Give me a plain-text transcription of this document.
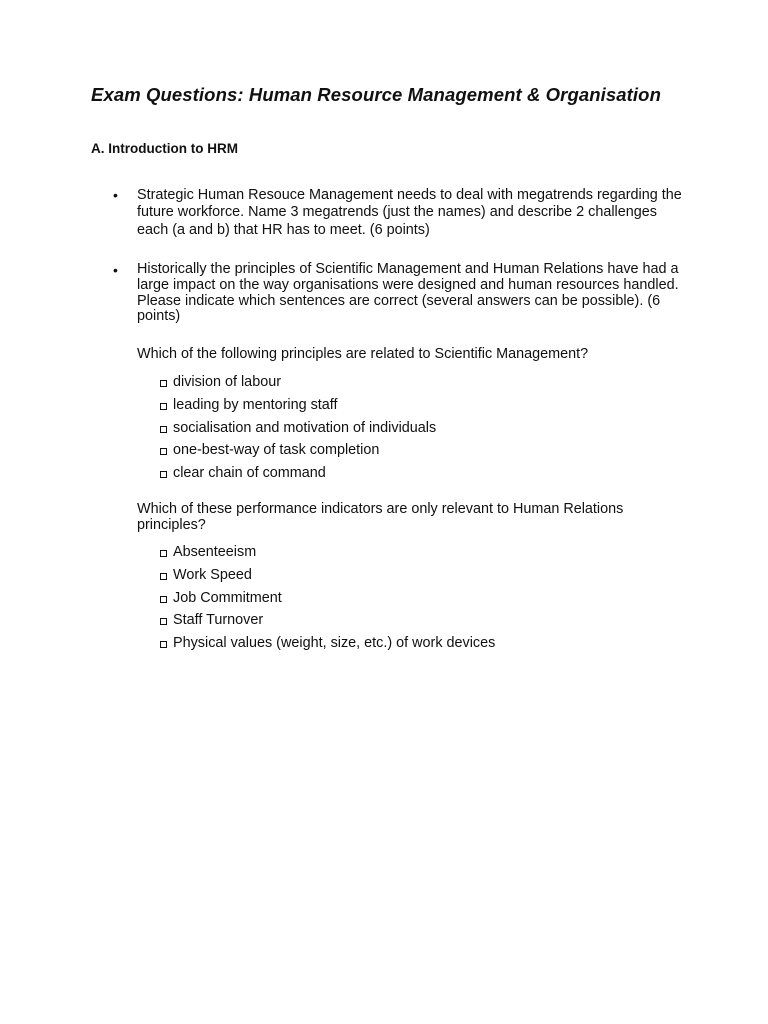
Exam Questions: Human Resource Management & Organisation
A. Introduction to HRM
• Strategic Human Resouce Management needs to deal with megatrends regarding the future workforce. Name 3 megatrends (just the names) and describe 2 challenges each (a and b) that HR has to meet. (6 points)
• Historically the principles of Scientific Management and Human Relations have had a large impact on the way organisations were designed and human resources handled. Please indicate which sentences are correct (several answers can be possible). (6 points)

Which of the following principles are related to Scientific Management?

division of labour
leading by mentoring staff
socialisation and motivation of individuals
one-best-way of task completion
clear chain of command

Which of these performance indicators are only relevant to Human Relations principles?

Absenteeism
Work Speed
Job Commitment
Staff Turnover
Physical values (weight, size, etc.) of work devices
